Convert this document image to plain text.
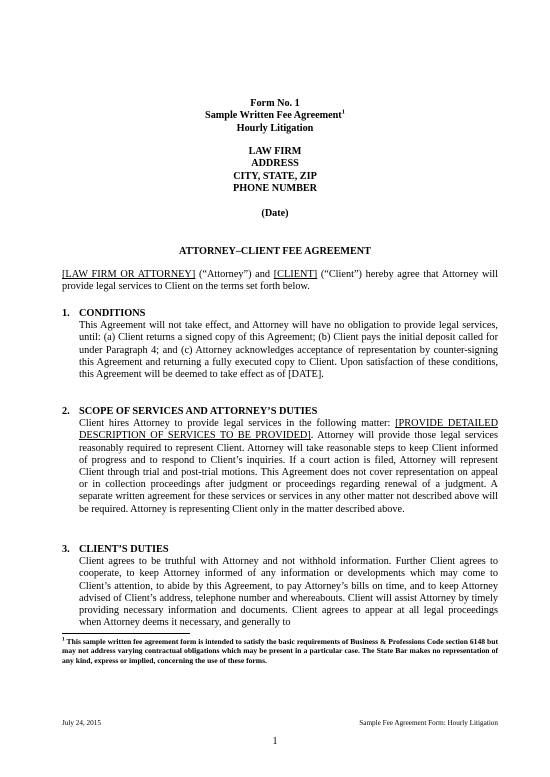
Form No. 1
Sample Written Fee Agreement$^1$
Hourly Litigation
LAW FIRM
ADDRESS
CITY, STATE, ZIP
PHONE NUMBER
(Date)
ATTORNEY–CLIENT FEE AGREEMENT
[LAW FIRM OR ATTORNEY] (“Attorney”) and [CLIENT] (“Client”) hereby agree that Attorney will provide legal services to Client on the terms set forth below.
1. CONDITIONS
This Agreement will not take effect, and Attorney will have no obligation to provide legal services, until: (a) Client returns a signed copy of this Agreement; (b) Client pays the initial deposit called for under Paragraph 4; and (c) Attorney acknowledges acceptance of representation by counter-signing this Agreement and returning a fully executed copy to Client. Upon satisfaction of these conditions, this Agreement will be deemed to take effect as of [DATE].
2. SCOPE OF SERVICES AND ATTORNEY’S DUTIES
Client hires Attorney to provide legal services in the following matter: [PROVIDE DETAILED DESCRIPTION OF SERVICES TO BE PROVIDED]. Attorney will provide those legal services reasonably required to represent Client. Attorney will take reasonable steps to keep Client informed of progress and to respond to Client’s inquiries. If a court action is filed, Attorney will represent Client through trial and post-trial motions. This Agreement does not cover representation on appeal or in collection proceedings after judgment or proceedings regarding renewal of a judgment. A separate written agreement for these services or services in any other matter not described above will be required. Attorney is representing Client only in the matter described above.
3. CLIENT’S DUTIES
Client agrees to be truthful with Attorney and not withhold information. Further Client agrees to cooperate, to keep Attorney informed of any information or developments which may come to Client’s attention, to abide by this Agreement, to pay Attorney’s bills on time, and to keep Attorney advised of Client’s address, telephone number and whereabouts. Client will assist Attorney by timely providing necessary information and documents. Client agrees to appear at all legal proceedings when Attorney deems it necessary, and generally to
$^1$ This sample written fee agreement form is intended to satisfy the basic requirements of Business & Professions Code section 6148 but may not address varying contractual obligations which may be present in a particular case. The State Bar makes no representation of any kind, express or implied, concerning the use of these forms.
July 24, 2015	Sample Fee Agreement Form: Hourly Litigation
1
